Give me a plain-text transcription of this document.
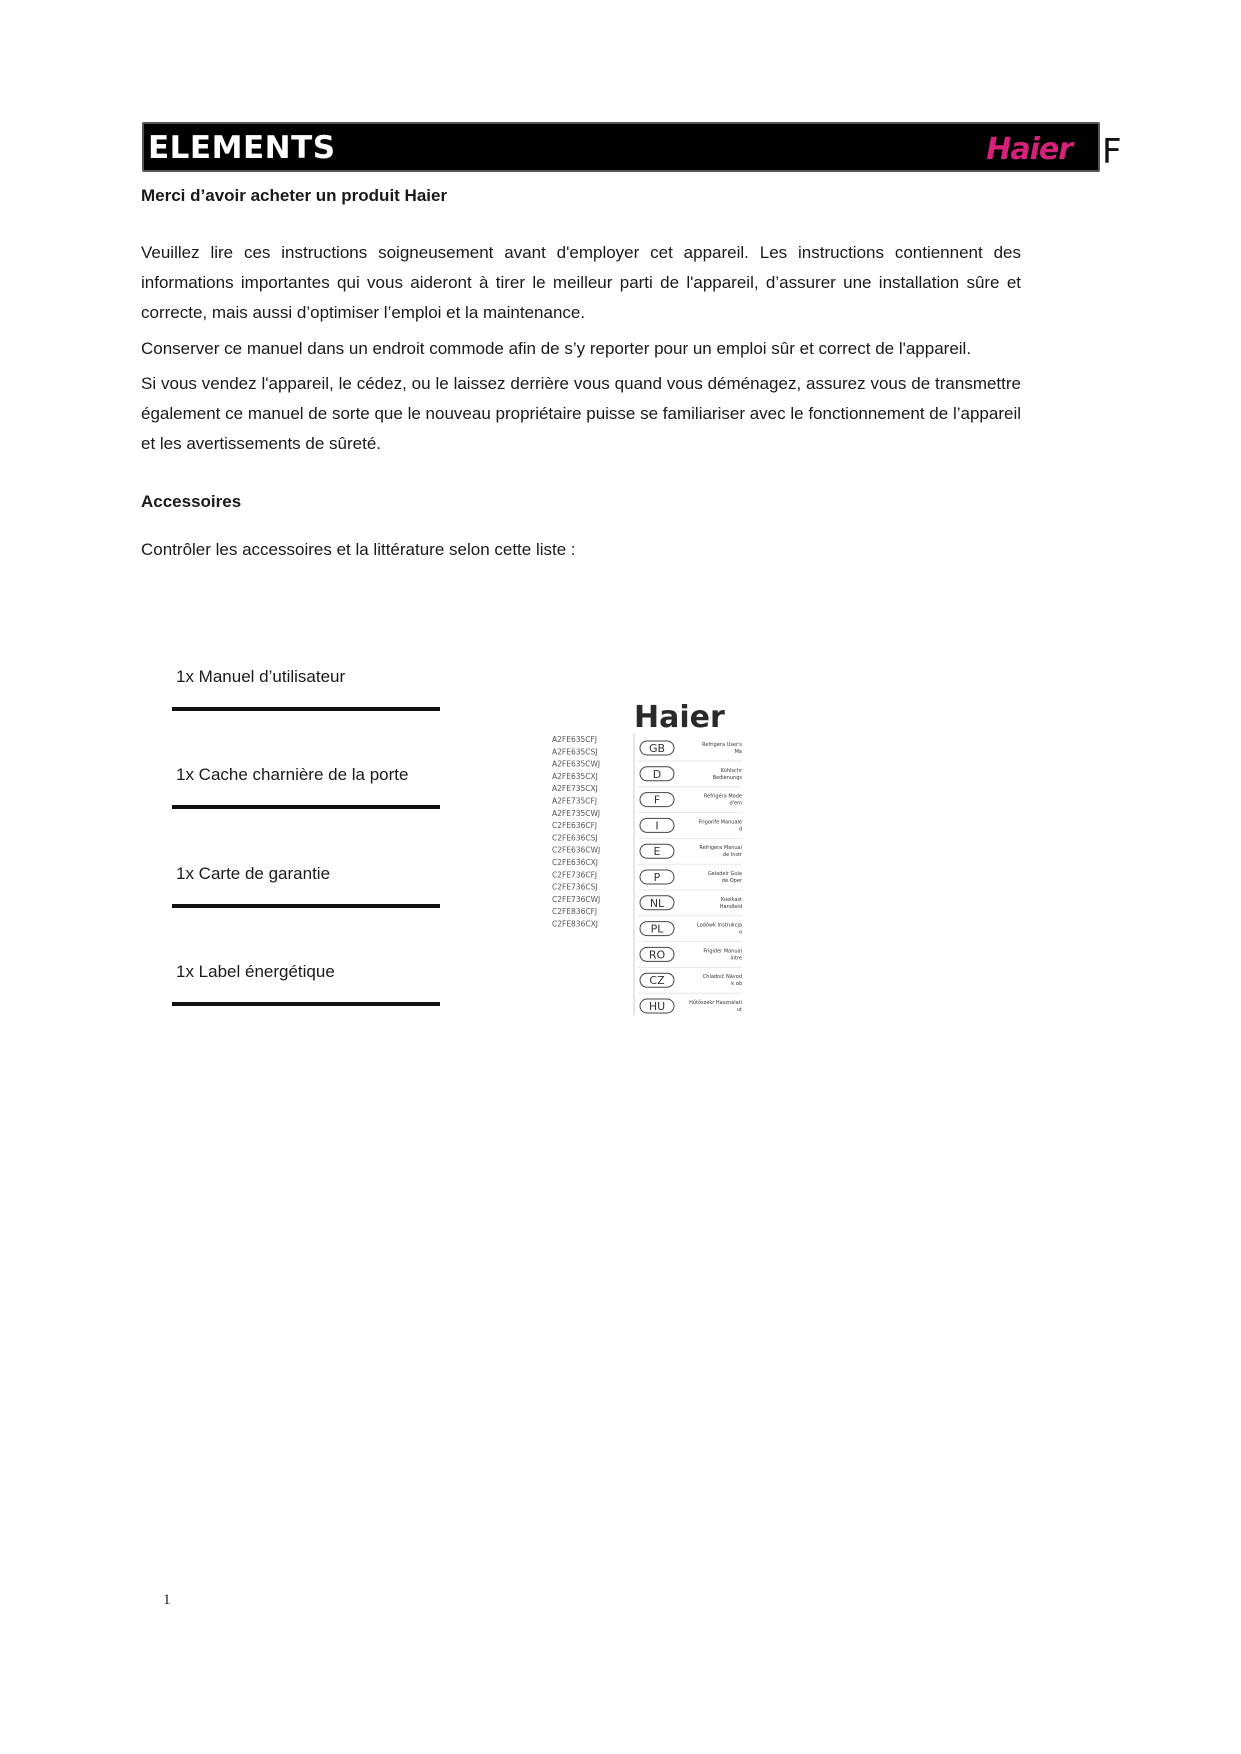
ELEMENTS	Haier F
Merci d’avoir acheter un produit Haier
Veuillez lire ces instructions soigneusement avant d'employer cet appareil. Les instructions contiennent des informations importantes qui vous aideront à tirer le meilleur parti de l'appareil, d’assurer une installation sûre et correcte, mais aussi d’optimiser l’emploi et la maintenance.
Conserver ce manuel dans un endroit commode afin de s’y reporter pour un emploi sûr et correct de l'appareil.
Si vous vendez l'appareil, le cédez, ou le laissez derrière vous quand vous déménagez, assurez vous de transmettre également ce manuel de sorte que le nouveau propriétaire puisse se familiariser avec le fonctionnement de l’appareil et les avertissements de sûreté.
Accessoires
Contrôler les accessoires et la littérature selon cette liste :
1x Manuel d’utilisateur
1x Cache charnière de la porte
1x Carte de garantie
1x Label énergétique
Haier
A2FE635CFJ
A2FE635CSJ
A2FE635CWJ
A2FE635CXJ
A2FE735CXJ
A2FE735CFJ
A2FE735CWJ
C2FE636CFJ
C2FE636CSJ
C2FE636CWJ
C2FE636CXJ
C2FE736CFJ
C2FE736CSJ
C2FE736CWJ
C2FE836CFJ
C2FE836CXJ
GB	Refrigera User's
Ma
D	Kühlschr
Bedienungs
F	Réfrigéra Mode
d'em
I	Frigorife Manuale
d
E	Refrigera Manual
de Instr
P	Geladeir Guia
de Oper
NL	Koelkast
Handleid
PL	Lodówk Instrukcja
o
RO	Frigider Manual
intre
CZ	Chladnič Návod
k ob
HU	Hűtőszekr Használati
ut
1
